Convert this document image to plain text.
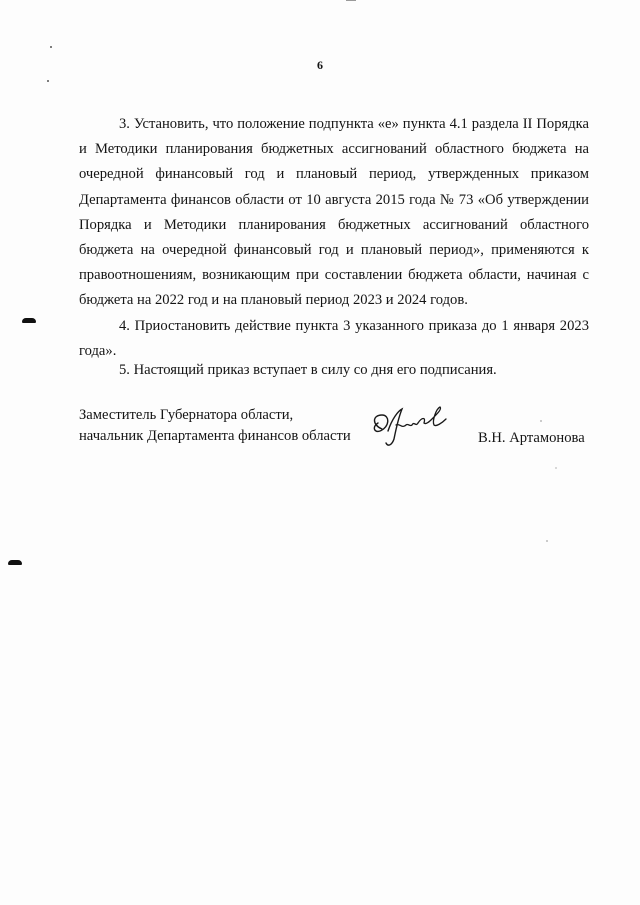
6
3. Установить, что положение подпункта «е» пункта 4.1 раздела II Порядка
и Методики планирования бюджетных ассигнований областного бюджета на
очередной финансовый год и плановый период, утвержденных приказом
Департамента финансов области от 10 августа 2015 года № 73 «Об утверждении
Порядка и Методики планирования бюджетных ассигнований областного
бюджета на очередной финансовый год и плановый период», применяются к
правоотношениям, возникающим при составлении бюджета области, начиная с
бюджета на 2022 год и на плановый период 2023 и 2024 годов.
4. Приостановить действие пункта 3 указанного приказа до 1 января 2023
года».
5. Настоящий приказ вступает в силу со дня его подписания.
Заместитель Губернатора области,
начальник Департамента финансов области	В.Н. Артамонова
